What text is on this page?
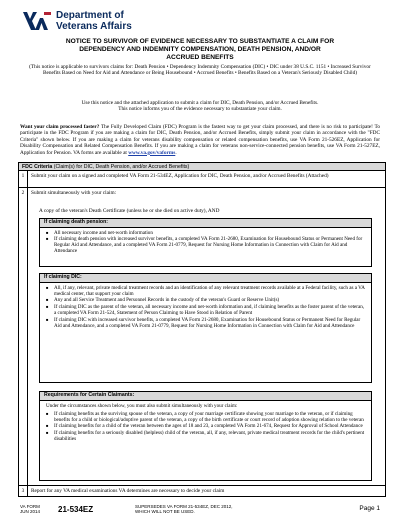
Department of
Veterans Affairs
NOTICE TO SURVIVOR OF EVIDENCE NECESSARY TO SUBSTANTIATE A CLAIM FOR
DEPENDENCY AND INDEMNITY COMPENSATION, DEATH PENSION, AND/OR
ACCRUED BENEFITS
(This notice is applicable to survivors claims for: Death Pension • Dependency Indemnity Compensation (DIC) • DIC under 38 U.S.C. 1151 • Increased Survivor Benefits Based on Need for Aid and Attendance or Being Housebound • Accrued Benefits • Benefits Based on a Veteran's Seriously Disabled Child)
Use this notice and the attached application to submit a claim for DIC, Death Pension, and/or Accrued Benefits.
This notice informs you of the evidence necessary to substantiate your claim.
Want your claim processed faster? The Fully Developed Claim (FDC) Program is the fastest way to get your claim processed, and there is no risk to participate! To participate in the FDC Program if you are making a claim for DIC, Death Pension, and/or Accrued Benefits, simply submit your claim in accordance with the "FDC Criteria" shown below. If you are making a claim for veterans disability compensation or related compensation benefits, use VA Form 21-526EZ, Application for Disability Compensation and Related Compensation Benefits. If you are making a claim for veterans non-service-connected pension benefits, use VA Form 21-527EZ, Application for Pension. VA forms are available at www.va.gov/vaforms.
FDC Criteria (Claim(s) for DIC, Death Pension, and/or Accrued Benefits)
1	Submit your claim on a signed and completed VA Form 21-534EZ, Application for DIC, Death Pension, and/or Accrued Benefits (Attached)
2	Submit simultaneously with your claim:
A copy of the veteran's Death Certificate (unless he or she died on active duty), AND
If claiming death pension:
■ All necessary income and net-worth information
■ If claiming death pension with increased survivor benefits, a completed VA Form 21-2680, Examination for Housebound Status or Permanent Need for Regular Aid and Attendance, and a completed VA Form 21-0779, Request for Nursing Home Information in Connection with Claim for Aid and Attendance
If claiming DIC:
■ All, if any, relevant, private medical treatment records and an identification of any relevant treatment records available at a Federal facility, such as a VA medical center, that support your claim
■ Any and all Service Treatment and Personnel Records in the custody of the veteran's Guard or Reserve Unit(s)
■ If claiming DIC as the parent of the veteran, all necessary income and net-worth information and, if claiming benefits as the foster parent of the veteran, a completed VA Form 21-524, Statement of Person Claiming to Have Stood in Relation of Parent
■ If claiming DIC with increased survivor benefits, a completed VA Form 21-2680, Examination for Housebound Status or Permanent Need for Regular Aid and Attendance, and a completed VA Form 21-0779, Request for Nursing Home Information in Connection with Claim for Aid and Attendance
Requirements for Certain Claimants:
Under the circumstances shown below, you must also submit simultaneously with your claim:
■ If claiming benefits as the surviving spouse of the veteran, a copy of your marriage certificate showing your marriage to the veteran, or if claiming benefits for a child or biological/adoptive parent of the veteran, a copy of the birth certificate or court record of adoption showing relation to the veteran
■ If claiming benefits for a child of the veteran between the ages of 18 and 23, a completed VA Form 21-674, Request for Approval of School Attendance
■ If claiming benefits for a seriously disabled (helpless) child of the veteran, all, if any, relevant, private medical treatment records for the child's pertinent disabilities
3	Report for any VA medical examinations VA determines are necessary to decide your claim
VA FORM
JUN 2014 21-534EZ	SUPERSEDES VA FORM 21-534EZ, DEC 2012,
WHICH WILL NOT BE USED.	Page 1
